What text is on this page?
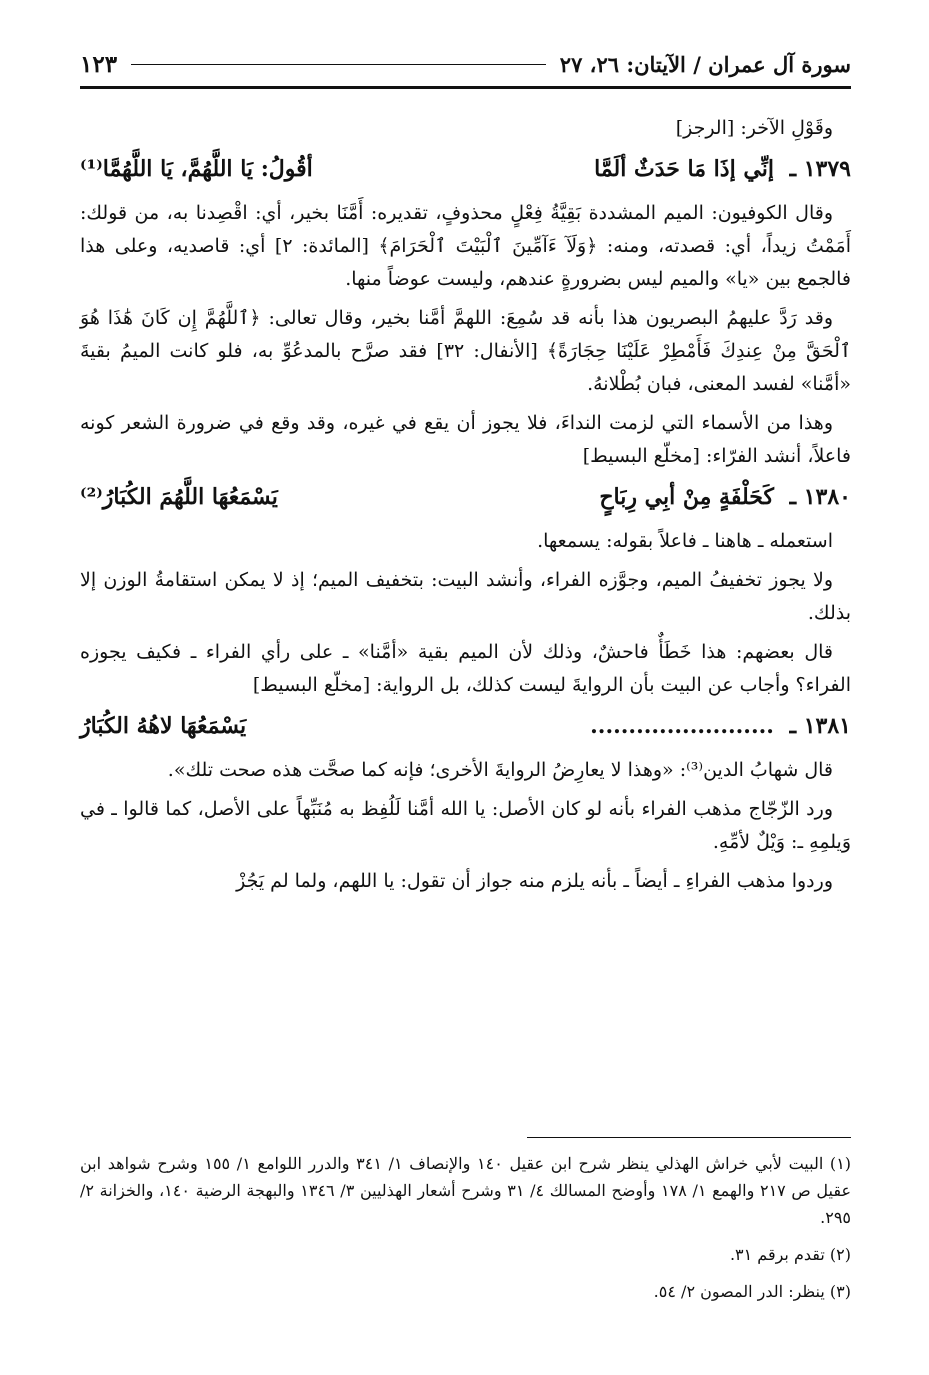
سورة آل عمران / الآيتان: ٢٦، ٢٧
١٢٣

وقَوْلِ الآخر: [الرجز]

١٣٧٩ ـ إنِّي إذَا مَا حَدَثٌ ألَمَّا
أقُولُ: يَا اللَّهُمَّ، يَا اللَّهُمَّا⁽¹⁾

وقال الكوفيون: الميم المشددة بَقِيَّةُ فِعْلٍ محذوفٍ، تقديره: أَمَّنَا بخير، أي: اقْصِدنا به، من قولك: أَمَمْتُ زيداً، أي: قصدته، ومنه: ﴿وَلَآ ءَآمِّينَ ٱلْبَيْتَ ٱلْحَرَامَ﴾ [المائدة: ٢] أي: قاصديه، وعلى هذا فالجمع بين «يا» والميم ليس بضرورةٍ عندهم، وليست عوضاً منها.

وقد رَدَّ عليهمُ البصريون هذا بأنه قد سُمِعَ: اللهمَّ أمَّنا بخير، وقال تعالى: ﴿ٱللَّهُمَّ إِن كَانَ هَٰذَا هُوَ ٱلْحَقَّ مِنْ عِندِكَ فَأَمْطِرْ عَلَيْنَا حِجَارَةً﴾ [الأنفال: ٣٢] فقد صرَّح بالمدعُوِّ به، فلو كانت الميمُ بقيةَ «أمَّنا» لفسد المعنى، فبان بُطْلانهُ.

وهذا من الأسماء التي لزمت النداءَ، فلا يجوز أن يقع في غيره، وقد وقع في ضرورة الشعر كونه فاعلاً، أنشد الفرّاء: [مخلّع البسيط]

١٣٨٠ ـ كَحَلْفَةٍ مِنْ أبِي رِبَاحٍ
يَسْمَعُهَا اللَّهُمَ الكُبَارُ⁽²⁾

استعمله ـ هاهنا ـ فاعلاً بقوله: يسمعها.

ولا يجوز تخفيفُ الميم، وجوَّزه الفراء، وأنشد البيت: بتخفيف الميم؛ إذ لا يمكن استقامةُ الوزن إلا بذلك.

قال بعضهم: هذا خَطَأٌ فاحشٌ، وذلك لأن الميم بقية «أمَّنا» ـ على رأي الفراء ـ فكيف يجوزه الفراء؟ وأجاب عن البيت بأن الروايةَ ليست كذلك، بل الرواية: [مخلّع البسيط]

١٣٨١ ـ ........................
يَسْمَعُهَا لاهُهُ الكُبَارُ

قال شهابُ الدين⁽³⁾: «وهذا لا يعارِضُ الروايةَ الأخرى؛ فإنه كما صحَّت هذه صحت تلك».

ورد الزّجّاج مذهب الفراء بأنه لو كان الأصل: يا الله أمَّنا لَلُفِظ به مُنَبِّهاً على الأصل، كما قالوا ـ في وَيلمِهِ ـ: وَيْلٌ لأمِّهِ.

وردوا مذهب الفراءِ ـ أيضاً ـ بأنه يلزم منه جواز أن تقول: يا اللهم، ولما لم يَجُزْ

(١) البيت لأبي خراش الهذلي ينظر شرح ابن عقيل ١٤٠ والإنصاف ١/ ٣٤١ والدرر اللوامع ١/ ١٥٥ وشرح شواهد ابن عقيل ص ٢١٧ والهمع ١/ ١٧٨ وأوضح المسالك ٤/ ٣١ وشرح أشعار الهذليين ٣/ ١٣٤٦ والبهجة الرضية ١٤٠، والخزانة ٢/ ٢٩٥.

(٢) تقدم برقم ٣١.

(٣) ينظر: الدر المصون ٢/ ٥٤.
